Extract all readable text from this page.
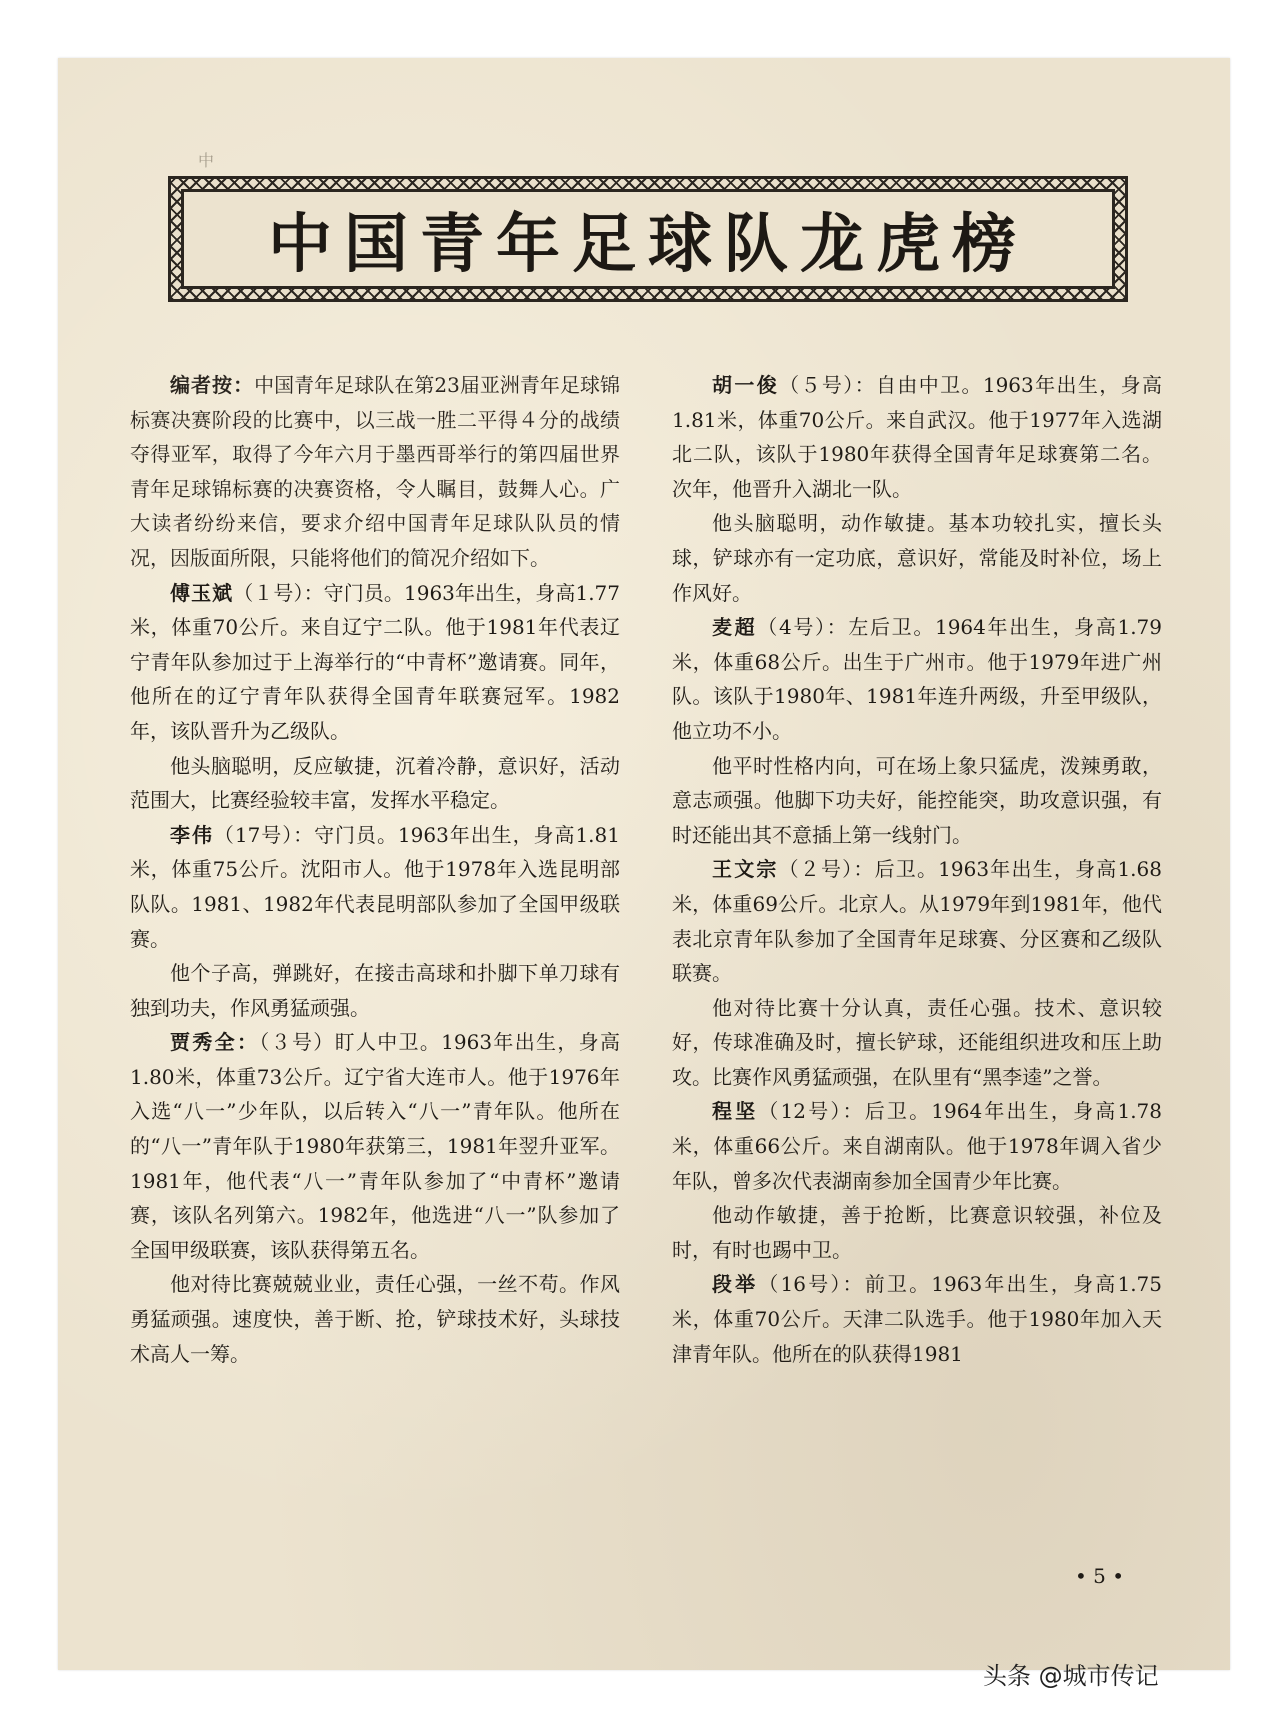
中
中国青年足球队龙虎榜

编者按：中国青年足球队在第23届亚洲青年足球锦标赛决赛阶段的比赛中，以三战一胜二平得４分的战绩夺得亚军，取得了今年六月于墨西哥举行的第四届世界青年足球锦标赛的决赛资格，令人瞩目，鼓舞人心。广大读者纷纷来信，要求介绍中国青年足球队队员的情况，因版面所限，只能将他们的简况介绍如下。

傅玉斌（１号）：守门员。1963年出生，身高1.77米，体重70公斤。来自辽宁二队。他于1981年代表辽宁青年队参加过于上海举行的“中青杯”邀请赛。同年，他所在的辽宁青年队获得全国青年联赛冠军。1982年，该队晋升为乙级队。

他头脑聪明，反应敏捷，沉着冷静，意识好，活动范围大，比赛经验较丰富，发挥水平稳定。

李伟（17号）：守门员。1963年出生，身高1.81米，体重75公斤。沈阳市人。他于1978年入选昆明部队队。1981、1982年代表昆明部队参加了全国甲级联赛。

他个子高，弹跳好，在接击高球和扑脚下单刀球有独到功夫，作风勇猛顽强。

贾秀全：（３号）盯人中卫。1963年出生，身高1.80米，体重73公斤。辽宁省大连市人。他于1976年入选“八一”少年队，以后转入“八一”青年队。他所在的“八一”青年队于1980年获第三，1981年翌升亚军。1981年，他代表“八一”青年队参加了“中青杯”邀请赛，该队名列第六。1982年，他选进“八一”队参加了全国甲级联赛，该队获得第五名。

他对待比赛兢兢业业，责任心强，一丝不苟。作风勇猛顽强。速度快，善于断、抢，铲球技术好，头球技术高人一筹。

胡一俊（５号）：自由中卫。1963年出生，身高1.81米，体重70公斤。来自武汉。他于1977年入选湖北二队，该队于1980年获得全国青年足球赛第二名。次年，他晋升入湖北一队。

他头脑聪明，动作敏捷。基本功较扎实，擅长头球，铲球亦有一定功底，意识好，常能及时补位，场上作风好。

麦超（4号）：左后卫。1964年出生，身高1.79米，体重68公斤。出生于广州市。他于1979年进广州队。该队于1980年、1981年连升两级，升至甲级队，他立功不小。

他平时性格内向，可在场上象只猛虎，泼辣勇敢，意志顽强。他脚下功夫好，能控能突，助攻意识强，有时还能出其不意插上第一线射门。

王文宗（２号）：后卫。1963年出生，身高1.68米，体重69公斤。北京人。从1979年到1981年，他代表北京青年队参加了全国青年足球赛、分区赛和乙级队联赛。

他对待比赛十分认真，责任心强。技术、意识较好，传球准确及时，擅长铲球，还能组织进攻和压上助攻。比赛作风勇猛顽强，在队里有“黑李逵”之誉。

程坚（12号）：后卫。1964年出生，身高1.78米，体重66公斤。来自湖南队。他于1978年调入省少年队，曾多次代表湖南参加全国青少年比赛。

他动作敏捷，善于抢断，比赛意识较强，补位及时，有时也踢中卫。

段举（16号）：前卫。1963年出生，身高1.75米，体重70公斤。天津二队选手。他于1980年加入天津青年队。他所在的队获得1981

• 5 •
头条 @城市传记
